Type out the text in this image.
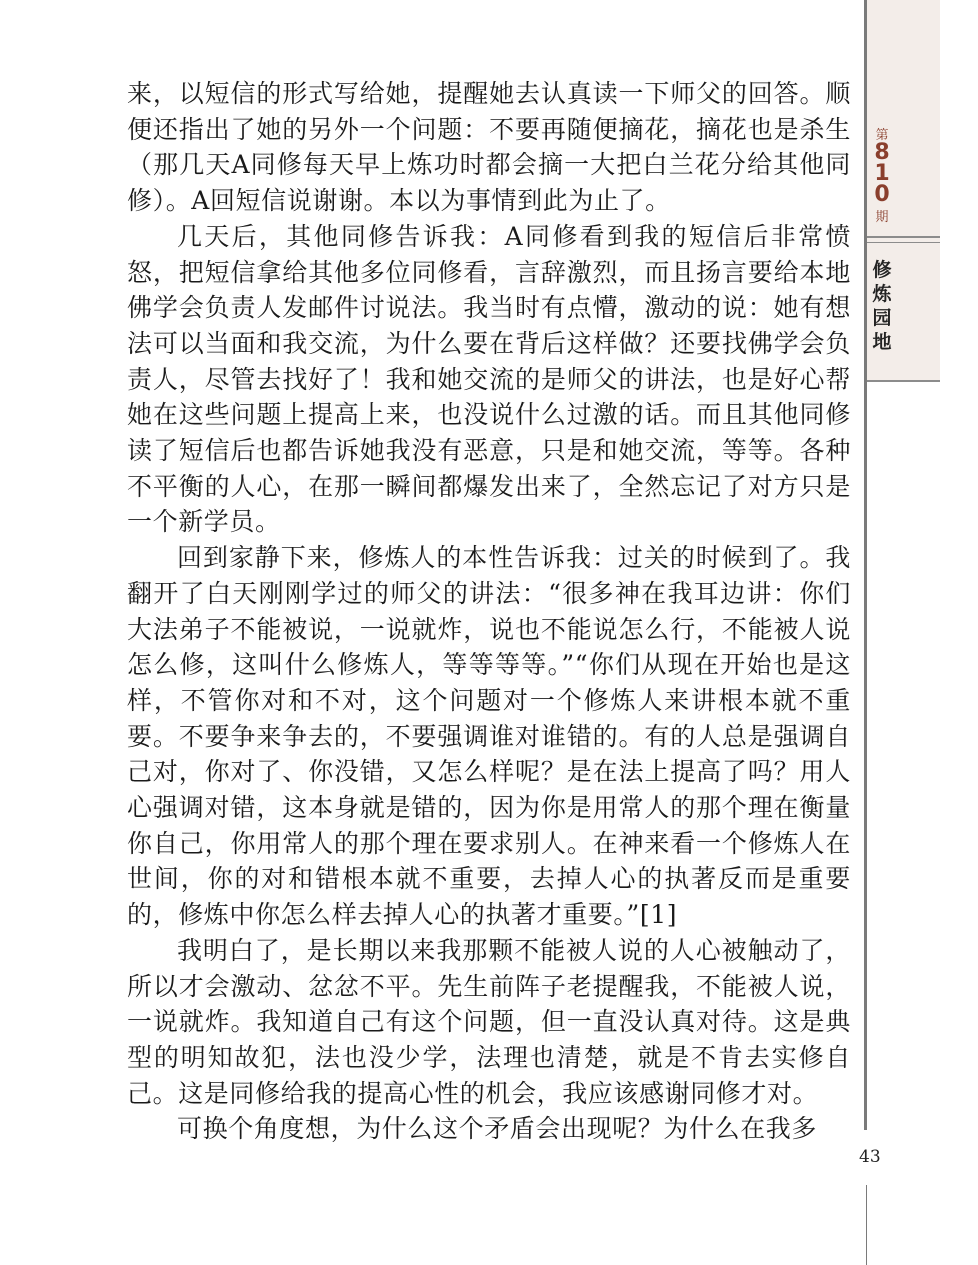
第
810
期
修炼园地

来，以短信的形式写给她，提醒她去认真读一下师父的回答。顺便还指出了她的另外一个问题：不要再随便摘花，摘花也是杀生（那几天A同修每天早上炼功时都会摘一大把白兰花分给其他同修）。A回短信说谢谢。本以为事情到此为止了。

几天后，其他同修告诉我：A同修看到我的短信后非常愤怒，把短信拿给其他多位同修看，言辞激烈，而且扬言要给本地佛学会负责人发邮件讨说法。我当时有点懵，激动的说：她有想法可以当面和我交流，为什么要在背后这样做？还要找佛学会负责人，尽管去找好了！我和她交流的是师父的讲法，也是好心帮她在这些问题上提高上来，也没说什么过激的话。而且其他同修读了短信后也都告诉她我没有恶意，只是和她交流，等等。各种不平衡的人心，在那一瞬间都爆发出来了，全然忘记了对方只是一个新学员。

回到家静下来，修炼人的本性告诉我：过关的时候到了。我翻开了白天刚刚学过的师父的讲法：“很多神在我耳边讲：你们大法弟子不能被说，一说就炸，说也不能说怎么行，不能被人说怎么修，这叫什么修炼人，等等等等。”“你们从现在开始也是这样，不管你对和不对，这个问题对一个修炼人来讲根本就不重要。不要争来争去的，不要强调谁对谁错的。有的人总是强调自己对，你对了、你没错，又怎么样呢？是在法上提高了吗？用人心强调对错，这本身就是错的，因为你是用常人的那个理在衡量你自己，你用常人的那个理在要求别人。在神来看一个修炼人在世间，你的对和错根本就不重要，去掉人心的执著反而是重要的，修炼中你怎么样去掉人心的执著才重要。”[1]

我明白了，是长期以来我那颗不能被人说的人心被触动了，所以才会激动、忿忿不平。先生前阵子老提醒我，不能被人说，一说就炸。我知道自己有这个问题，但一直没认真对待。这是典型的明知故犯，法也没少学，法理也清楚，就是不肯去实修自己。这是同修给我的提高心性的机会，我应该感谢同修才对。

可换个角度想，为什么这个矛盾会出现呢？为什么在我多

43
